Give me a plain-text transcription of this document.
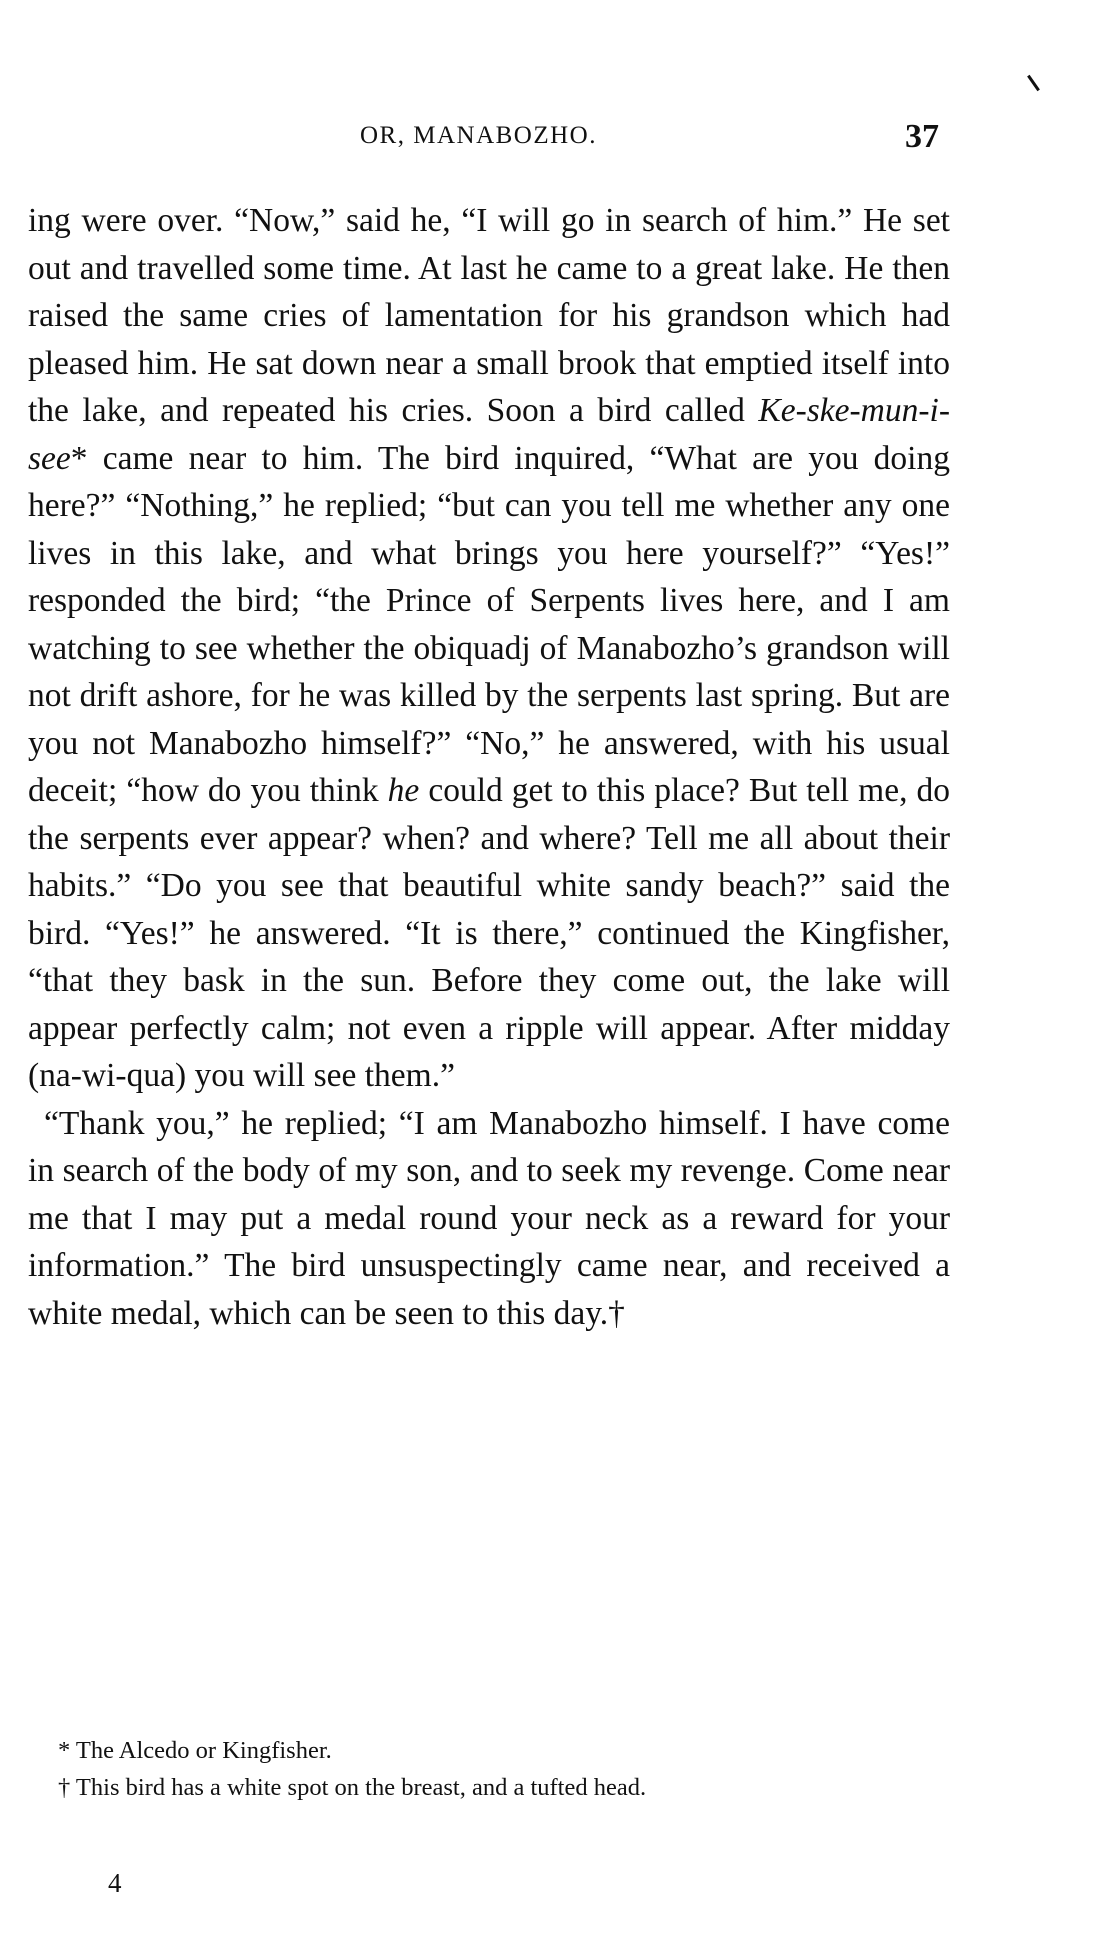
OR, MANABOZHO.	37

ing were over. “Now,” said he, “I will go in search of him.” He set out and travelled some time. At last he came to a great lake. He then raised the same cries of lamentation for his grandson which had pleased him. He sat down near a small brook that emptied itself into the lake, and repeated his cries. Soon a bird called Ke-ske-mun-i-see* came near to him. The bird inquired, “What are you doing here?” “Nothing,” he replied; “but can you tell me whether any one lives in this lake, and what brings you here yourself?” “Yes!” responded the bird; “the Prince of Serpents lives here, and I am watching to see whether the obiquadj of Manabozho’s grandson will not drift ashore, for he was killed by the serpents last spring. But are you not Manabozho himself?” “No,” he answered, with his usual deceit; “how do you think he could get to this place? But tell me, do the serpents ever appear? when? and where? Tell me all about their habits.” “Do you see that beautiful white sandy beach?” said the bird. “Yes!” he answered. “It is there,” continued the Kingfisher, “that they bask in the sun. Before they come out, the lake will appear perfectly calm; not even a ripple will appear. After midday (na-wi-qua) you will see them.”

“Thank you,” he replied; “I am Manabozho himself. I have come in search of the body of my son, and to seek my revenge. Come near me that I may put a medal round your neck as a reward for your information.” The bird unsuspectingly came near, and received a white medal, which can be seen to this day.†

* The Alcedo or Kingfisher.

† This bird has a white spot on the breast, and a tufted head.

4
